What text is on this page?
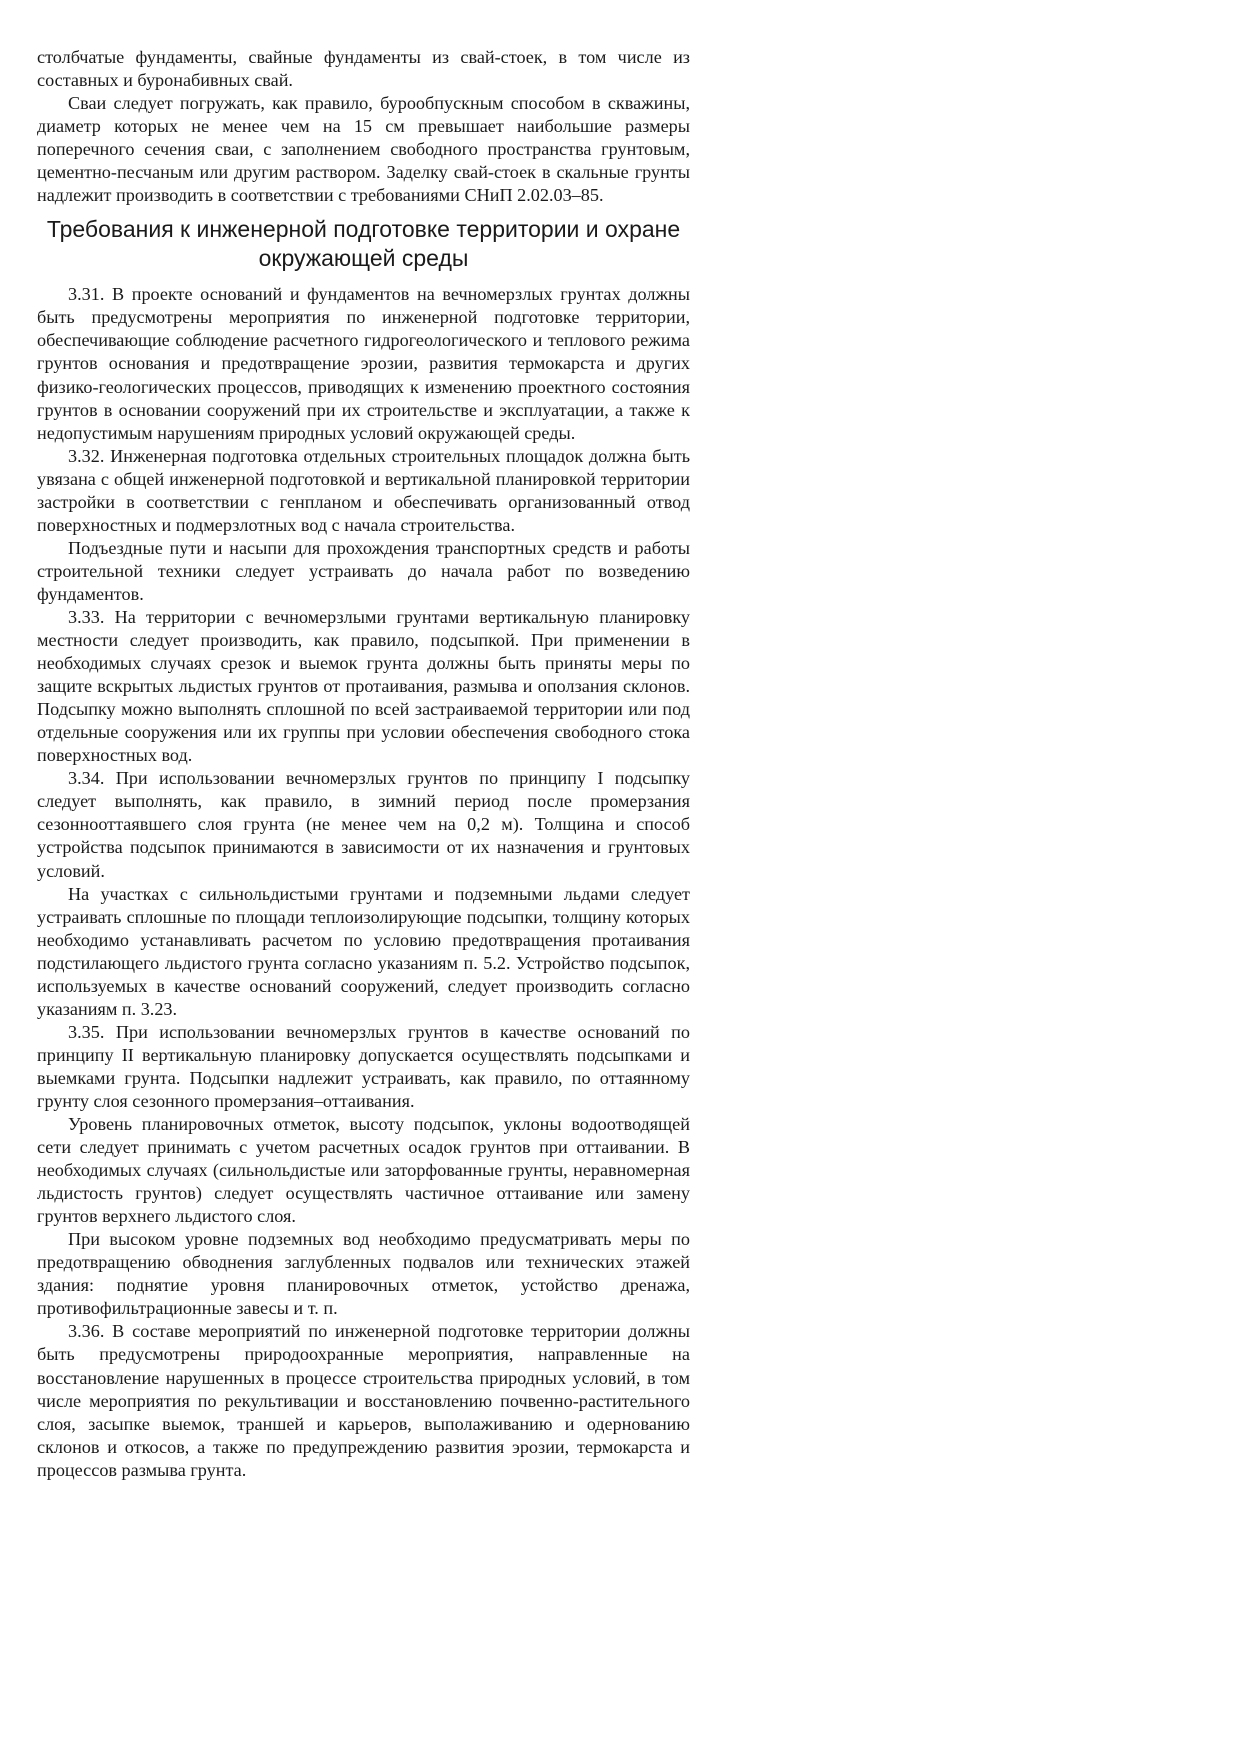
столбчатые фундаменты, свайные фундаменты из свай-стоек, в том числе из составных и буронабивных свай.

Сваи следует погружать, как правило, бурообпускным способом в скважины, диаметр которых не менее чем на 15 см превышает наибольшие размеры поперечного сечения сваи, с заполнением свободного пространства грунтовым, цементно-песчаным или другим раствором. Заделку свай-стоек в скальные грунты надлежит производить в соответствии с требованиями СНиП 2.02.03–85.

Требования к инженерной подготовке территории и охране окружающей среды

3.31. В проекте оснований и фундаментов на вечномерзлых грунтах должны быть предусмотрены мероприятия по инженерной подготовке территории, обеспечивающие соблюдение расчетного гидрогеологического и теплового режима грунтов основания и предотвращение эрозии, развития термокарста и других физико-геологических процессов, приводящих к изменению проектного состояния грунтов в основании сооружений при их строительстве и эксплуатации, а также к недопустимым нарушениям природных условий окружающей среды.

3.32. Инженерная подготовка отдельных строительных площадок должна быть увязана с общей инженерной подготовкой и вертикальной планировкой территории застройки в соответствии с генпланом и обеспечивать организованный отвод поверхностных и подмерзлотных вод с начала строительства.

Подъездные пути и насыпи для прохождения транспортных средств и работы строительной техники следует устраивать до начала работ по возведению фундаментов.

3.33. На территории с вечномерзлыми грунтами вертикальную планировку местности следует производить, как правило, подсыпкой. При применении в необходимых случаях срезок и выемок грунта должны быть приняты меры по защите вскрытых льдистых грунтов от протаивания, размыва и оползания склонов. Подсыпку можно выполнять сплошной по всей застраиваемой территории или под отдельные сооружения или их группы при условии обеспечения свободного стока поверхностных вод.

3.34. При использовании вечномерзлых грунтов по принципу I подсыпку следует выполнять, как правило, в зимний период после промерзания сезоннооттаявшего слоя грунта (не менее чем на 0,2 м). Толщина и способ устройства подсыпок принимаются в зависимости от их назначения и грунтовых условий.

На участках с сильнольдистыми грунтами и подземными льдами следует устраивать сплошные по площади теплоизолирующие подсыпки, толщину которых необходимо устанавливать расчетом по условию предотвращения протаивания подстилающего льдистого грунта согласно указаниям п. 5.2. Устройство подсыпок, используемых в качестве оснований сооружений, следует производить согласно указаниям п. 3.23.

3.35. При использовании вечномерзлых грунтов в качестве оснований по принципу II вертикальную планировку допускается осуществлять подсыпками и выемками грунта. Подсыпки надлежит устраивать, как правило, по оттаянному грунту слоя сезонного промерзания–оттаивания.

Уровень планировочных отметок, высоту подсыпок, уклоны водоотводящей сети следует принимать с учетом расчетных осадок грунтов при оттаивании. В необходимых случаях (сильнольдистые или заторфованные грунты, неравномерная льдистость грунтов) следует осуществлять частичное оттаивание или замену грунтов верхнего льдистого слоя.

При высоком уровне подземных вод необходимо предусматривать меры по предотвращению обводнения заглубленных подвалов или технических этажей здания: поднятие уровня планировочных отметок, устойство дренажа, противофильтрационные завесы и т. п.

3.36. В составе мероприятий по инженерной подготовке территории должны быть предусмотрены природоохранные мероприятия, направленные на восстановление нарушенных в процессе строительства природных условий, в том числе мероприятия по рекультивации и восстановлению почвенно-растительного слоя, засыпке выемок, траншей и карьеров, выполаживанию и одернованию склонов и откосов, а также по предупреждению развития эрозии, термокарста и процессов размыва грунта.
